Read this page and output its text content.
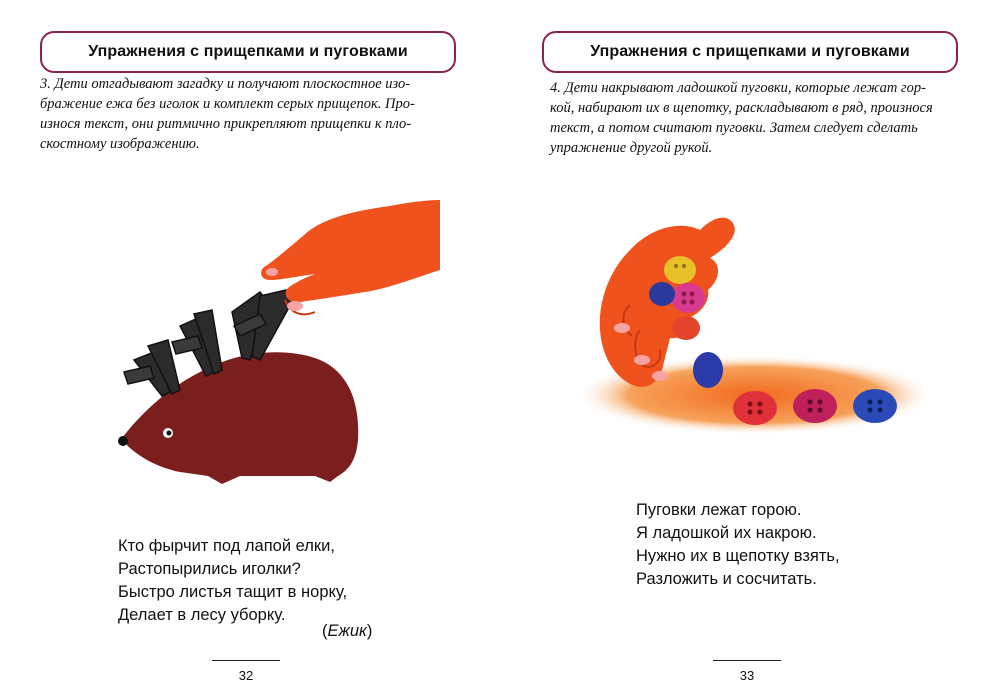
Упражнения с прищепками и пуговками

3. Дети отгадывают загадку и получают плоскостное изо-

бражение ежа без иголок и комплект серых прищепок. Про-

износя текст, они ритмично прикрепляют прищепки к пло-

скостному изображению.

Кто фырчит под лапой елки,
Растопырились иголки?
Быстро листья тащит в норку,
Делает в лесу уборку.
(Ежик)
32
Упражнения с прищепками и пуговками

4. Дети накрывают ладошкой пуговки, которые лежат гор-

кой, набирают их в щепотку, раскладывают в ряд, произнося

текст, а потом считают пуговки. Затем следует сделать

упражнение другой рукой.

Пуговки лежат горою.
Я ладошкой их накрою.
Нужно их в щепотку взять,
Разложить и сосчитать.
33
